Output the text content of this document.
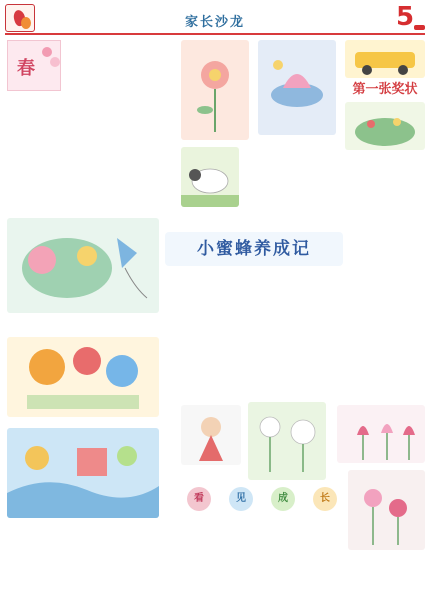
家长沙龙	5
春
小蜜蜂养成记
看	见	成	长
第一张奖状
